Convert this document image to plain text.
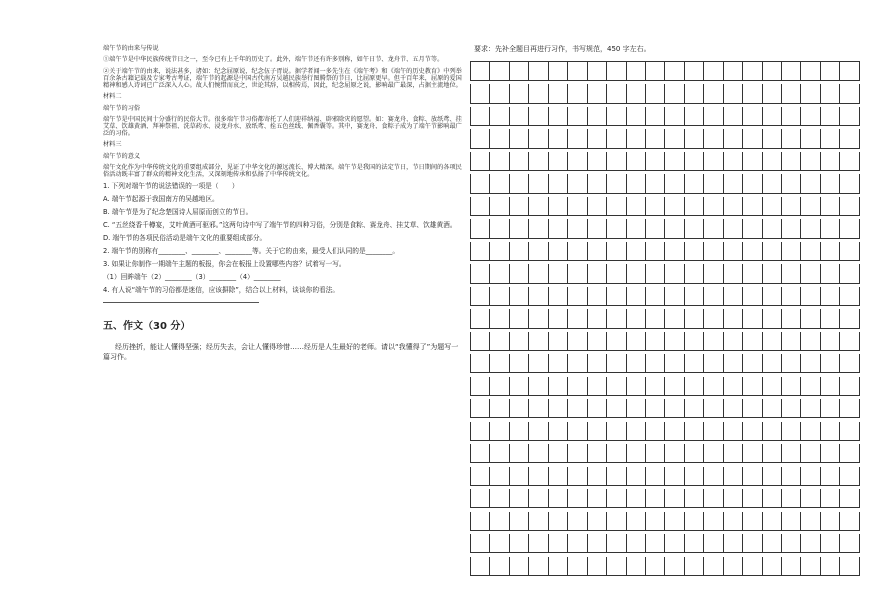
端午节的由来与传说

①端午节是中华民族传统节日之一，至今已有上千年的历史了。此外，端午节还有许多别称，如午日节、龙舟节、五月节等。

②关于端午节的由来，说法甚多，诸如：纪念屈原说，纪念伍子胥说。据学者闻一多先生在《端午考》和《端午的历史教育》中列举百余条古籍记载及专家考古考证，端午节的起源是中国古代南方吴越民族举行图腾祭的节日，比屈原更早。但千百年来，屈原的爱国精神和感人诗词已广泛深入人心。故人们惋惜而哀之，世论其辞，以相传焉，因此，纪念屈原之说，影响最广最深，占据主流地位。

材料二

端午节的习俗

端午节是中国民间十分盛行的民俗大节。很多端午节习俗都寄托了人们迎祥纳福、辟邪除灾的愿望。如：赛龙舟、食粽、放纸鸢、挂艾草、饮雄黄酒、拜神祭祖、洗草药水、浸龙舟水、放纸鸢、拴五色丝线、佩香囊等。其中，赛龙舟、食粽子成为了端午节影响最广泛的习俗。

材料三

端午节的意义

端午文化作为中华传统文化的重要组成部分，见证了中华文化的源远流长、博大精深。端午节是我国的法定节日，节日期间的各项民俗活动既丰富了群众的精神文化生活，又深刻地传承和弘扬了中华传统文化。

1. 下列对端午节的说法错误的一项是（　　）

A. 端午节起源于我国南方的吴越地区。

B. 端午节是为了纪念楚国诗人屈原而创立的节日。

C. “五丝绕香千樽宴，艾叶黄酒可驱邪。”这两句诗中写了端午节的四种习俗，分别是食粽、赛龙舟、挂艾草、饮雄黄酒。

D. 端午节的各项民俗活动是端午文化的重要组成部分。

2. 端午节的别称有________、________、________等。关于它的由来，最受人们认同的是________。

3. 如果让你制作一期端午主题的板报，你会在板报上设置哪些内容？试着写一写。

（1）回眸端午（2）________（3）________（4）________

4. 有人说“端午节的习俗都是迷信，应该摒除”，结合以上材料，谈谈你的看法。

五、作文（30 分）

经历挫折，能让人懂得坚强；经历失去，会让人懂得珍惜……经历是人生最好的老师。请以“我懂得了”为题写一篇习作。

要求：先补全题目再进行习作，书写规范，450 字左右。
